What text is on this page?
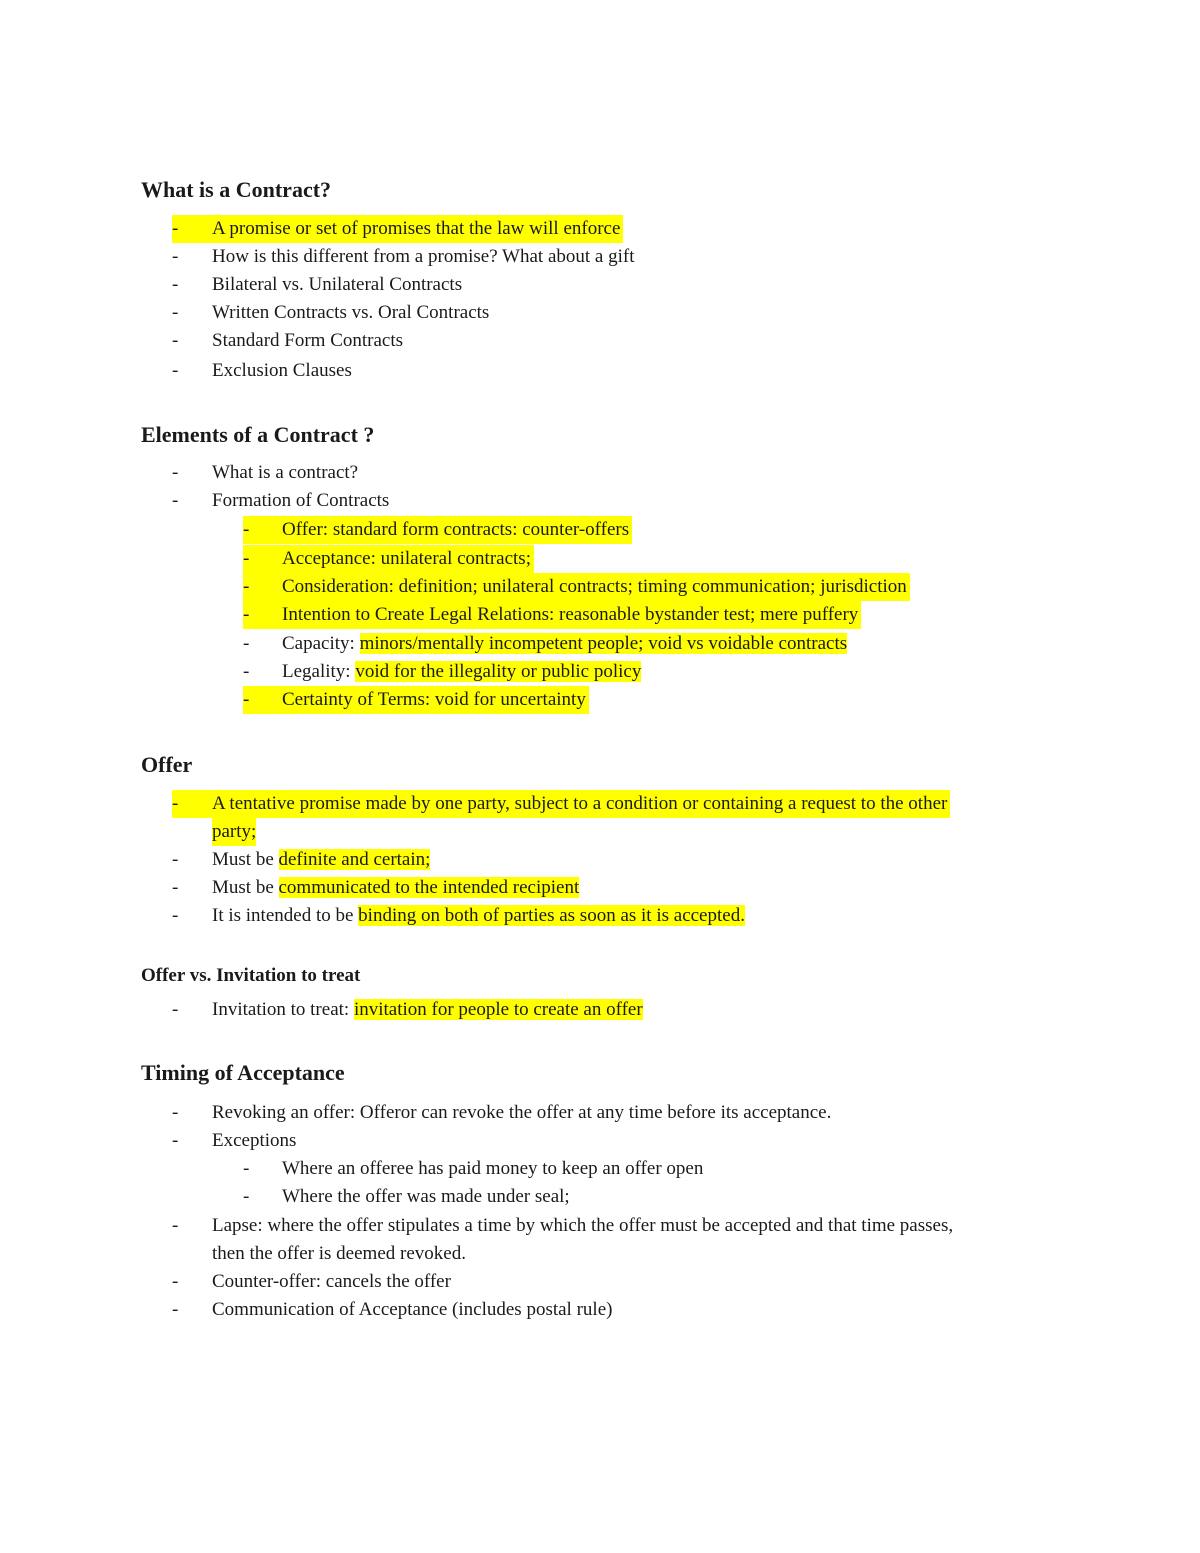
What is a Contract?
- A promise or set of promises that the law will enforce
- How is this different from a promise? What about a gift
- Bilateral vs. Unilateral Contracts
- Written Contracts vs. Oral Contracts
- Standard Form Contracts
- Exclusion Clauses
Elements of a Contract ?
- What is a contract?
- Formation of Contracts
- Offer: standard form contracts: counter-offers
- Acceptance: unilateral contracts;
- Consideration: definition; unilateral contracts; timing communication; jurisdiction
- Intention to Create Legal Relations: reasonable bystander test; mere puffery
- Capacity: minors/mentally incompetent people; void vs voidable contracts
- Legality: void for the illegality or public policy
- Certainty of Terms: void for uncertainty
Offer
- A tentative promise made by one party, subject to a condition or containing a request to the other
party;
- Must be definite and certain;
- Must be communicated to the intended recipient
- It is intended to be binding on both of parties as soon as it is accepted.
Offer vs. Invitation to treat
- Invitation to treat: invitation for people to create an offer
Timing of Acceptance
- Revoking an offer: Offeror can revoke the offer at any time before its acceptance.
- Exceptions
- Where an offeree has paid money to keep an offer open
- Where the offer was made under seal;
- Lapse: where the offer stipulates a time by which the offer must be accepted and that time passes,
then the offer is deemed revoked.
- Counter-offer: cancels the offer
- Communication of Acceptance (includes postal rule)
